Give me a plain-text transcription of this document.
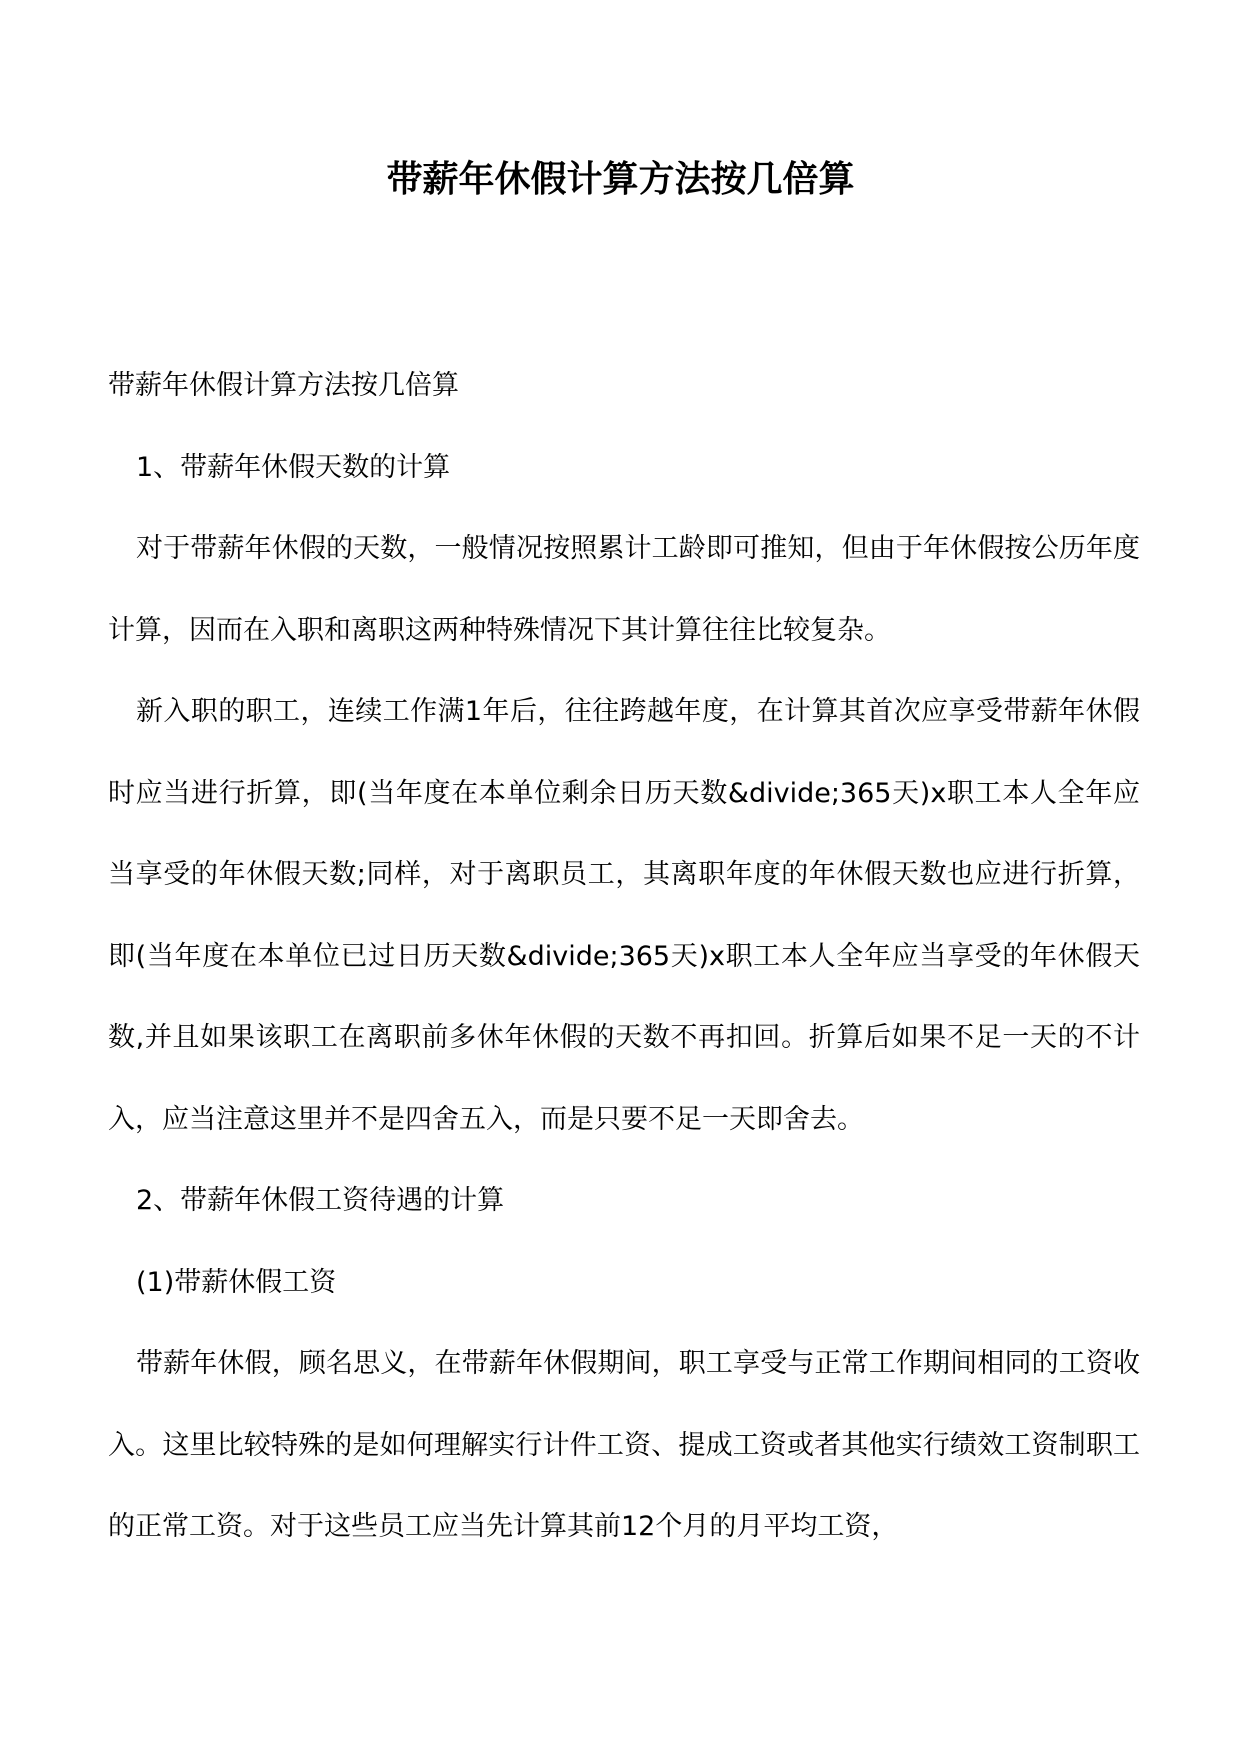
带薪年休假计算方法按几倍算

带薪年休假计算方法按几倍算

1、带薪年休假天数的计算

对于带薪年休假的天数，一般情况按照累计工龄即可推知，但由于年休假按公历年度计算，因而在入职和离职这两种特殊情况下其计算往往比较复杂。

新入职的职工，连续工作满1年后，往往跨越年度，在计算其首次应享受带薪年休假时应当进行折算，即(当年度在本单位剩余日历天数&divide;365天)x职工本人全年应当享受的年休假天数;同样，对于离职员工，其离职年度的年休假天数也应进行折算，即(当年度在本单位已过日历天数&divide;365天)x职工本人全年应当享受的年休假天数,并且如果该职工在离职前多休年休假的天数不再扣回。折算后如果不足一天的不计入，应当注意这里并不是四舍五入，而是只要不足一天即舍去。

2、带薪年休假工资待遇的计算

(1)带薪休假工资

带薪年休假，顾名思义，在带薪年休假期间，职工享受与正常工作期间相同的工资收入。这里比较特殊的是如何理解实行计件工资、提成工资或者其他实行绩效工资制职工的正常工资。对于这些员工应当先计算其前12个月的月平均工资，
